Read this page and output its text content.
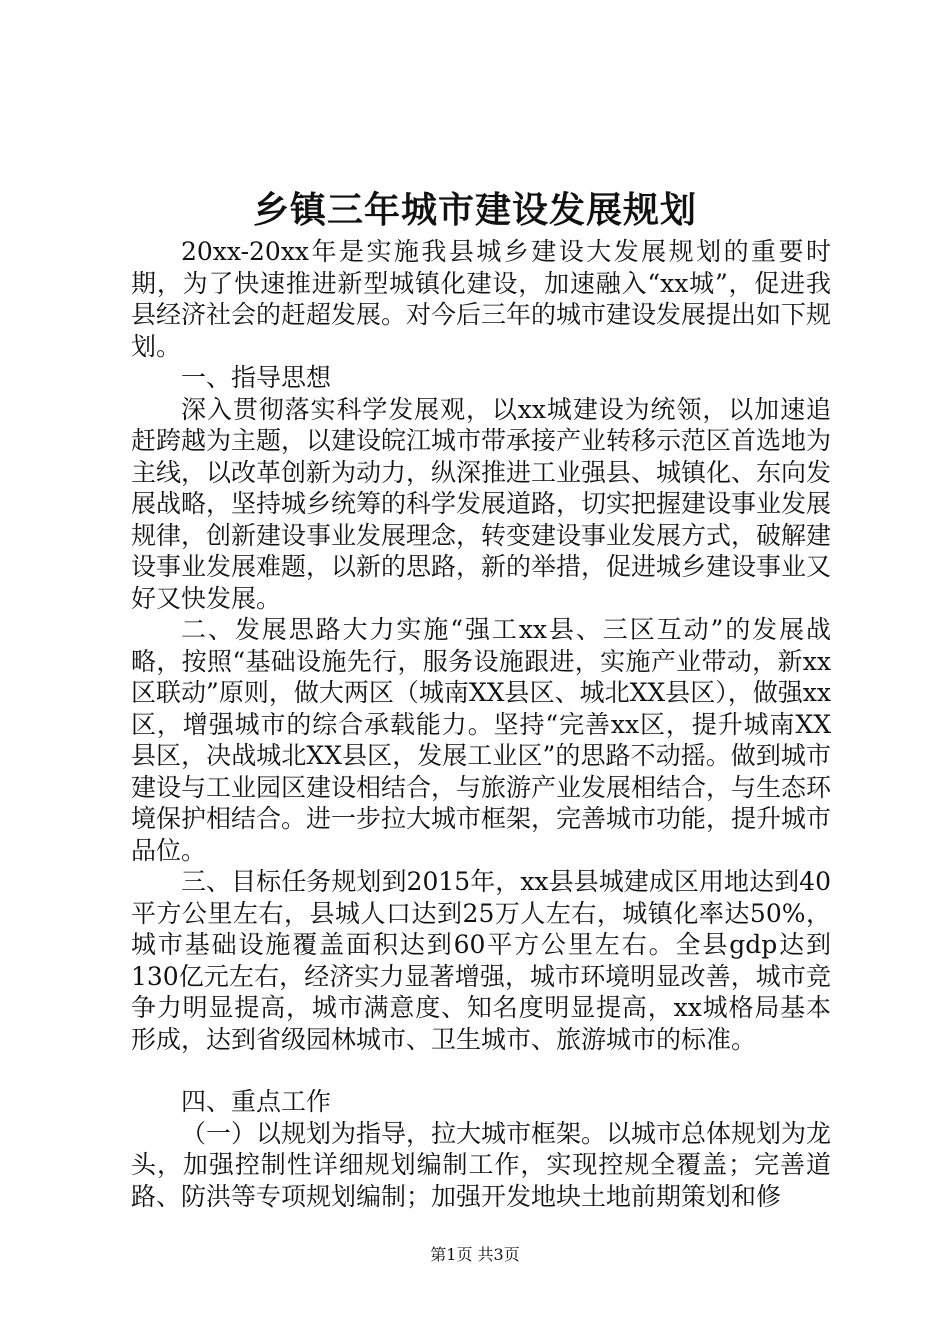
乡镇三年城市建设发展规划

20xx-20xx年是实施我县城乡建设大发展规划的重要时期，为了快速推进新型城镇化建设，加速融入“xx城”，促进我县经济社会的赶超发展。对今后三年的城市建设发展提出如下规划。

一、指导思想

深入贯彻落实科学发展观，以xx城建设为统领，以加速追赶跨越为主题，以建设皖江城市带承接产业转移示范区首选地为主线，以改革创新为动力，纵深推进工业强县、城镇化、东向发展战略，坚持城乡统筹的科学发展道路，切实把握建设事业发展规律，创新建设事业发展理念，转变建设事业发展方式，破解建设事业发展难题，以新的思路，新的举措，促进城乡建设事业又好又快发展。

二、发展思路大力实施“强工xx县、三区互动”的发展战略，按照“基础设施先行，服务设施跟进，实施产业带动，新xx区联动”原则，做大两区（城南XX县区、城北XX县区），做强xx区，增强城市的综合承载能力。坚持“完善xx区，提升城南XX县区，决战城北XX县区，发展工业区”的思路不动摇。做到城市建设与工业园区建设相结合，与旅游产业发展相结合，与生态环境保护相结合。进一步拉大城市框架，完善城市功能，提升城市品位。

三、目标任务规划到2015年，xx县县城建成区用地达到40平方公里左右，县城人口达到25万人左右，城镇化率达50%，城市基础设施覆盖面积达到60平方公里左右。全县gdp达到130亿元左右，经济实力显著增强，城市环境明显改善，城市竞争力明显提高，城市满意度、知名度明显提高，xx城格局基本形成，达到省级园林城市、卫生城市、旅游城市的标准。

四、重点工作

（一）以规划为指导，拉大城市框架。以城市总体规划为龙头，加强控制性详细规划编制工作，实现控规全覆盖；完善道路、防洪等专项规划编制；加强开发地块土地前期策划和修

第1页 共3页
